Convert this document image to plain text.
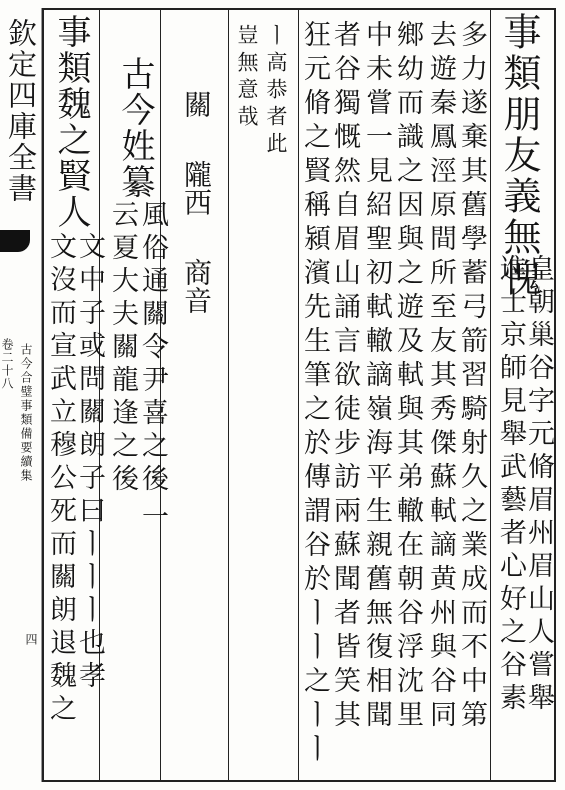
欽定四庫全書
卷二十八 古今合璧事類備要續集
四
事類朋友義無愧
皇朝巢谷字元脩眉州眉山人嘗舉
進士京師見舉武藝者心好之谷素
多力遂棄其舊學蓄弓箭習騎射久之業成而不中第
去遊秦鳳涇原間所至友其秀傑蘇軾謫黄州與谷同
鄉幼而識之因與之遊及軾與其弟轍在朝谷浮沈里
中未嘗一見紹聖初軾轍謫嶺海平生親舊無復相聞
者谷獨慨然自眉山誦言欲徒步訪兩蘇聞者皆笑其
狂元脩之賢稱潁濱先生筆之於傳謂谷於ㅣㅣ之ㅣㅣ
ㅣ高恭者此
豈無意哉
關
隴西
商音
古今姓纂
風俗通關令尹喜之後
云夏大夫關龍逢之後
一
事類魏之賢人
文中子或問關朗子曰ㅣㅣㅣ也孝
文沒而宣武立穆公死而關朗退魏之
